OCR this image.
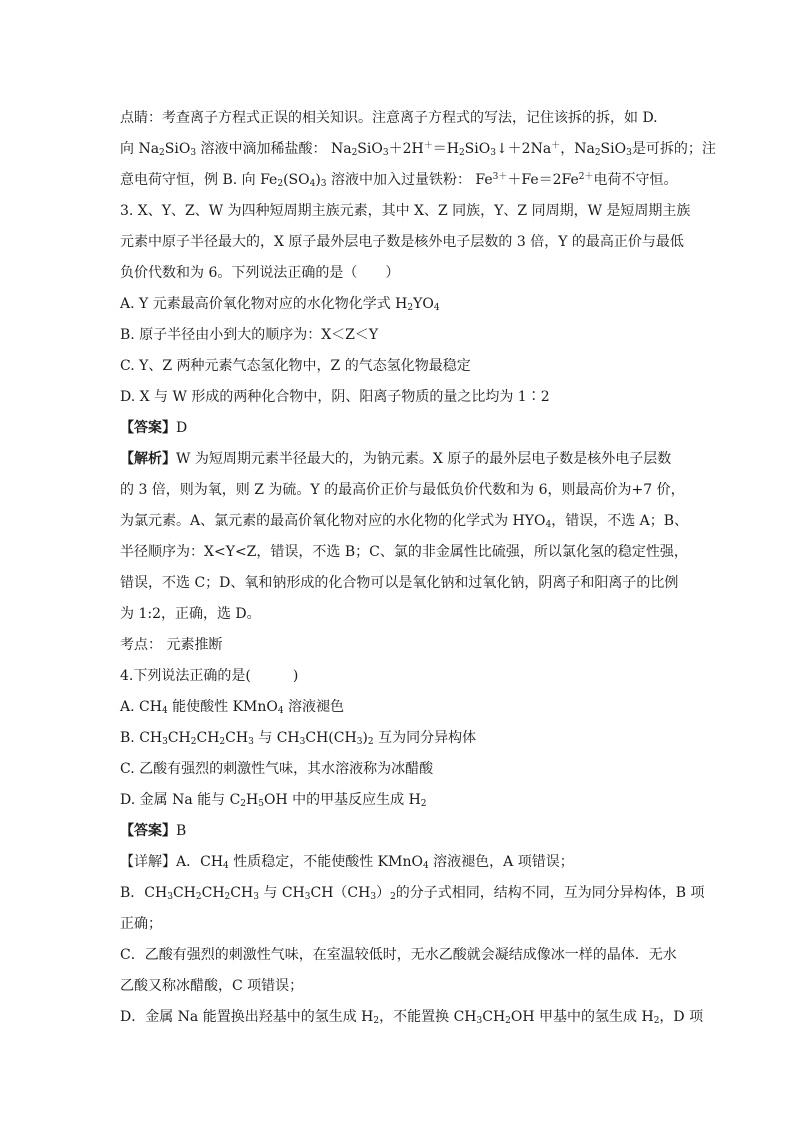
点睛：考查离子方程式正误的相关知识。注意离子方程式的写法，记住该拆的拆，如 D.
向 $Na_2SiO_3$ 溶液中滴加稀盐酸： $Na_2SiO_3+2H^+=H_2SiO_3↓+2Na^+$，$Na_2SiO_3$是可拆的；注
意电荷守恒，例 B. 向 $Fe_2(SO_4)_3$ 溶液中加入过量铁粉： $Fe^{3+}+Fe=2Fe^{2+}$电荷不守恒。
3. X、Y、Z、W 为四种短周期主族元素，其中 X、Z 同族，Y、Z 同周期，W 是短周期主族
元素中原子半径最大的，X 原子最外层电子数是核外电子层数的 3 倍，Y 的最高正价与最低
负价代数和为 6。下列说法正确的是（　　）
A. Y 元素最高价氧化物对应的水化物化学式 $H_2YO_4$
B. 原子半径由小到大的顺序为：X＜Z＜Y
C. Y、Z 两种元素气态氢化物中，Z 的气态氢化物最稳定
D. X 与 W 形成的两种化合物中，阴、阳离子物质的量之比均为 1∶2
【答案】D
【解析】W 为短周期元素半径最大的，为钠元素。X 原子的最外层电子数是核外电子层数
的 3 倍，则为氧，则 Z 为硫。Y 的最高价正价与最低负价代数和为 6，则最高价为+7 价，
为氯元素。A、氯元素的最高价氧化物对应的水化物的化学式为 $HYO_4$，错误，不选 A；B、
半径顺序为：X<Y<Z，错误，不选 B；C、氯的非金属性比硫强，所以氯化氢的稳定性强，
错误，不选 C；D、氧和钠形成的化合物可以是氧化钠和过氧化钠，阴离子和阳离子的比例
为 1:2，正确，选 D。
考点： 元素推断
4.下列说法正确的是(　　　)
A. $CH_4$ 能使酸性 KMnO$_4$ 溶液褪色
B. $CH_3CH_2CH_2CH_3$ 与 $CH_3CH(CH_3)_2$ 互为同分异构体
C. 乙酸有强烈的刺激性气味，其水溶液称为冰醋酸
D. 金属 Na 能与 $C_2H_5OH$ 中的甲基反应生成 $H_2$
【答案】B
【详解】A．$CH_4$ 性质稳定，不能使酸性 KMnO$_4$ 溶液褪色，A 项错误；
B．$CH_3CH_2CH_2CH_3$ 与 $CH_3CH(CH_3)_2$的分子式相同，结构不同，互为同分异构体，B 项
正确；
C．乙酸有强烈的刺激性气味，在室温较低时，无水乙酸就会凝结成像冰一样的晶体．无水
乙酸又称冰醋酸，C 项错误；
D．金属 Na 能置换出羟基中的氢生成 $H_2$，不能置换 $CH_3CH_2OH$ 甲基中的氢生成 $H_2$，D 项
